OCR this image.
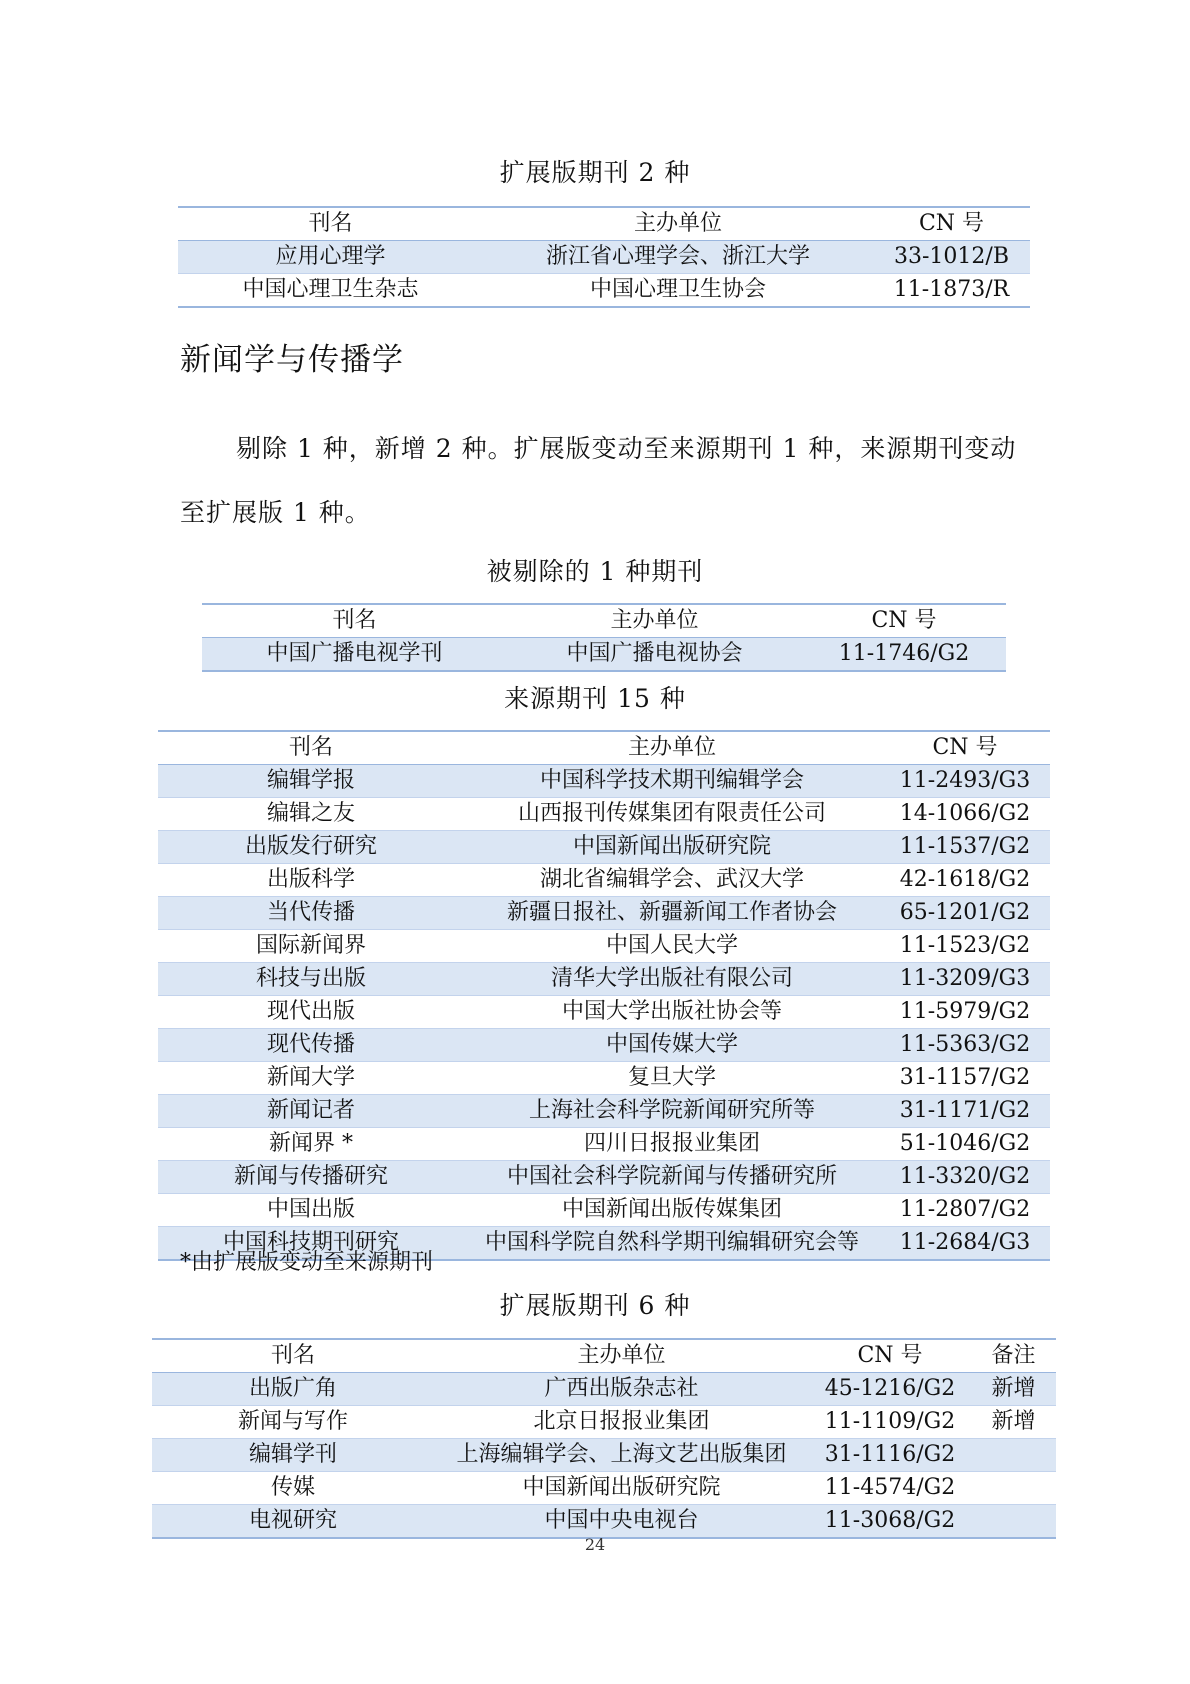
扩展版期刊 2 种
刊名	主办单位	CN 号
应用心理学	浙江省心理学会、浙江大学	33-1012/B
中国心理卫生杂志	中国心理卫生协会	11-1873/R
新闻学与传播学
剔除 1 种，新增 2 种。扩展版变动至来源期刊 1 种，来源期刊变动
至扩展版 1 种。
被剔除的 1 种期刊
刊名	主办单位	CN 号
中国广播电视学刊	中国广播电视协会	11-1746/G2
来源期刊 15 种
刊名	主办单位	CN 号
编辑学报	中国科学技术期刊编辑学会	11-2493/G3
编辑之友	山西报刊传媒集团有限责任公司	14-1066/G2
出版发行研究	中国新闻出版研究院	11-1537/G2
出版科学	湖北省编辑学会、武汉大学	42-1618/G2
当代传播	新疆日报社、新疆新闻工作者协会	65-1201/G2
国际新闻界	中国人民大学	11-1523/G2
科技与出版	清华大学出版社有限公司	11-3209/G3
现代出版	中国大学出版社协会等	11-5979/G2
现代传播	中国传媒大学	11-5363/G2
新闻大学	复旦大学	31-1157/G2
新闻记者	上海社会科学院新闻研究所等	31-1171/G2
新闻界 *	四川日报报业集团	51-1046/G2
新闻与传播研究	中国社会科学院新闻与传播研究所	11-3320/G2
中国出版	中国新闻出版传媒集团	11-2807/G2
中国科技期刊研究	中国科学院自然科学期刊编辑研究会等	11-2684/G3
*由扩展版变动至来源期刊
扩展版期刊 6 种
刊名	主办单位	CN 号	备注
出版广角	广西出版杂志社	45-1216/G2	新增
新闻与写作	北京日报报业集团	11-1109/G2	新增
编辑学刊	上海编辑学会、上海文艺出版集团	31-1116/G2	
传媒	中国新闻出版研究院	11-4574/G2	
电视研究	中国中央电视台	11-3068/G2	
24
